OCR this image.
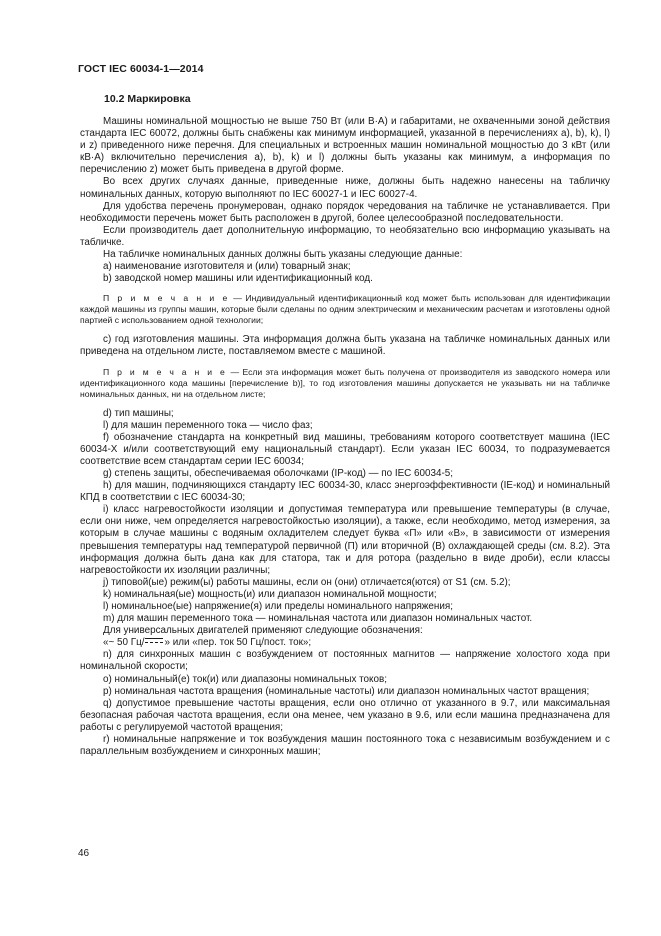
ГОСТ IEC 60034-1—2014
10.2 Маркировка

Машины номинальной мощностью не выше 750 Вт (или В·А) и габаритами, не охваченными зоной действия стандарта IEC 60072, должны быть снабжены как минимум информацией, указанной в перечислениях a), b), k), l) и z) приведенного ниже перечня. Для специальных и встроенных машин номинальной мощностью до 3 кВт (или кВ·А) включительно перечисления a), b), k) и l) должны быть указаны как минимум, а информация по перечислению z) может быть приведена в другой форме.

Во всех других случаях данные, приведенные ниже, должны быть надежно нанесены на табличку номинальных данных, которую выполняют по IEC 60027-1 и IEC 60027-4.

Для удобства перечень пронумерован, однако порядок чередования на табличке не устанавливается. При необходимости перечень может быть расположен в другой, более целесообразной последовательности.

Если производитель дает дополнительную информацию, то необязательно всю информацию указывать на табличке.

На табличке номинальных данных должны быть указаны следующие данные:

a) наименование изготовителя и (или) товарный знак;

b) заводской номер машины или идентификационный код.

П р и м е ч а н и е — Индивидуальный идентификационный код может быть использован для идентификации каждой машины из группы машин, которые были сделаны по одним электрическим и механическим расчетам и изготовлены одной партией с использованием одной технологии;

c) год изготовления машины. Эта информация должна быть указана на табличке номинальных данных или приведена на отдельном листе, поставляемом вместе с машиной.

П р и м е ч а н и е — Если эта информация может быть получена от производителя из заводского номера или идентификационного кода машины [перечисление b)], то год изготовления машины допускается не указывать ни на табличке номинальных данных, ни на отдельном листе;

d) тип машины;

l) для машин переменного тока — число фаз;

f) обозначение стандарта на конкретный вид машины, требованиям которого соответствует машина (IEC 60034-X и/или соответствующий ему национальный стандарт). Если указан IEC 60034, то подразумевается соответствие всем стандартам серии IEC 60034;

g) степень защиты, обеспечиваемая оболочками (IP-код) — по IEC 60034-5;

h) для машин, подчиняющихся стандарту IEC 60034-30, класс энергоэффективности (IE-код) и номинальный КПД в соответствии с IEC 60034-30;

i) класс нагревостойкости изоляции и допустимая температура или превышение температуры (в случае, если они ниже, чем определяется нагревостойкостью изоляции), а также, если необходимо, метод измерения, за которым в случае машины с водяным охладителем следует буква «П» или «В», в зависимости от измерения превышения температуры над температурой первичной (П) или вторичной (В) охлаждающей среды (см. 8.2). Эта информация должна быть дана как для статора, так и для ротора (раздельно в виде дроби), если классы нагревостойкости их изоляции различны;

j) типовой(ые) режим(ы) работы машины, если он (они) отличается(ются) от S1 (см. 5.2);

k) номинальная(ые) мощность(и) или диапазон номинальной мощности;

l) номинальное(ые) напряжение(я) или пределы номинального напряжения;

m) для машин переменного тока — номинальная частота или диапазон номинальных частот.

Для универсальных двигателей применяют следующие обозначения:

«~ 50 Гц/ » или «пер. ток 50 Гц/пост. ток»;

n) для синхронных машин с возбуждением от постоянных магнитов — напряжение холостого хода при номинальной скорости;

o) номинальный(е) ток(и) или диапазоны номинальных токов;

p) номинальная частота вращения (номинальные частоты) или диапазон номинальных частот вращения;

q) допустимое превышение частоты вращения, если оно отлично от указанного в 9.7, или максимальная безопасная рабочая частота вращения, если она менее, чем указано в 9.6, или если машина предназначена для работы с регулируемой частотой вращения;

r) номинальные напряжение и ток возбуждения машин постоянного тока с независимым возбуждением и с параллельным возбуждением и синхронных машин;

46
